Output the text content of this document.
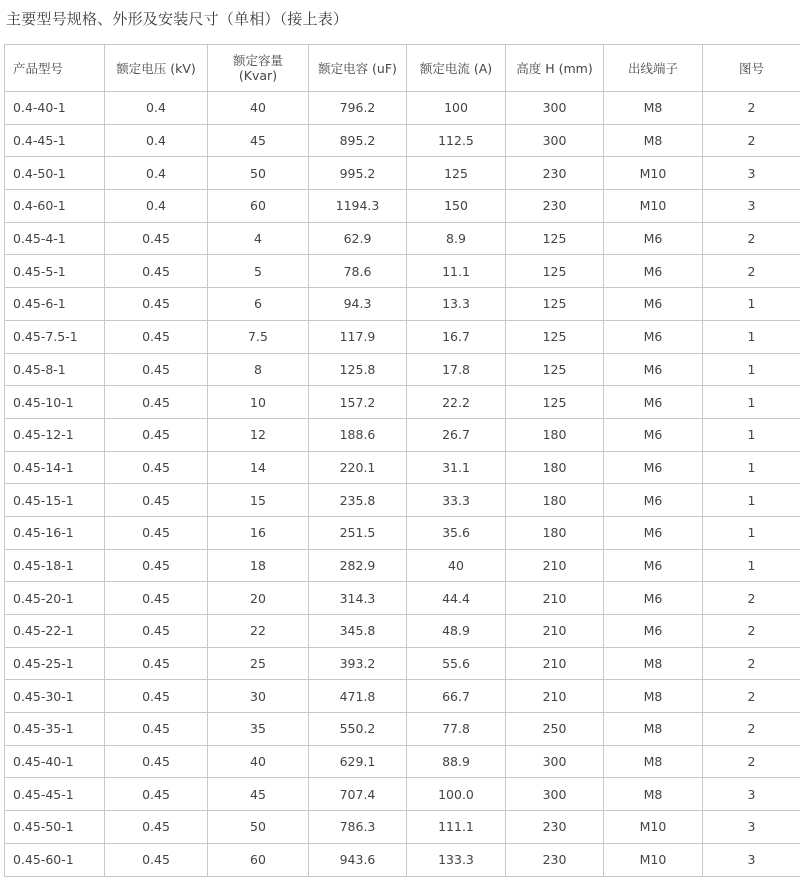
主要型号规格、外形及安装尺寸（单相）（接上表）
产品型号	额定电压 (kV)	额定容量
(Kvar)	额定电容 (uF)	额定电流 (A)	高度 H (mm)	出线端子	图号

0.4-40-1	0.4	40	796.2	100	300	M8	2
0.4-45-1	0.4	45	895.2	112.5	300	M8	2
0.4-50-1	0.4	50	995.2	125	230	M10	3
0.4-60-1	0.4	60	1194.3	150	230	M10	3
0.45-4-1	0.45	4	62.9	8.9	125	M6	2
0.45-5-1	0.45	5	78.6	11.1	125	M6	2
0.45-6-1	0.45	6	94.3	13.3	125	M6	1
0.45-7.5-1	0.45	7.5	117.9	16.7	125	M6	1
0.45-8-1	0.45	8	125.8	17.8	125	M6	1
0.45-10-1	0.45	10	157.2	22.2	125	M6	1
0.45-12-1	0.45	12	188.6	26.7	180	M6	1
0.45-14-1	0.45	14	220.1	31.1	180	M6	1
0.45-15-1	0.45	15	235.8	33.3	180	M6	1
0.45-16-1	0.45	16	251.5	35.6	180	M6	1
0.45-18-1	0.45	18	282.9	40	210	M6	1
0.45-20-1	0.45	20	314.3	44.4	210	M6	2
0.45-22-1	0.45	22	345.8	48.9	210	M6	2
0.45-25-1	0.45	25	393.2	55.6	210	M8	2
0.45-30-1	0.45	30	471.8	66.7	210	M8	2
0.45-35-1	0.45	35	550.2	77.8	250	M8	2
0.45-40-1	0.45	40	629.1	88.9	300	M8	2
0.45-45-1	0.45	45	707.4	100.0	300	M8	3
0.45-50-1	0.45	50	786.3	111.1	230	M10	3
0.45-60-1	0.45	60	943.6	133.3	230	M10	3
